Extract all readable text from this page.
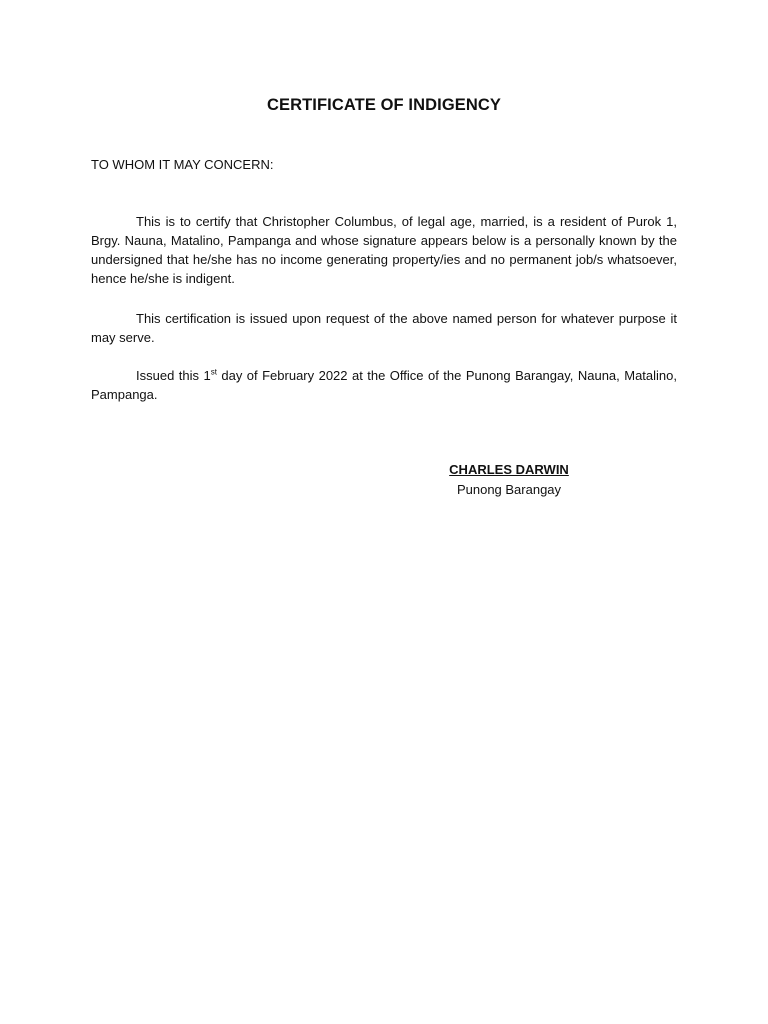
CERTIFICATE OF INDIGENCY
TO WHOM IT MAY CONCERN:

This is to certify that Christopher Columbus, of legal age, married, is a resident of Purok 1, Brgy. Nauna, Matalino, Pampanga and whose signature appears below is a personally known by the undersigned that he/she has no income generating property/ies and no permanent job/s whatsoever, hence he/she is indigent.

This certification is issued upon request of the above named person for whatever purpose it may serve.

Issued this 1st day of February 2022 at the Office of the Punong Barangay, Nauna, Matalino, Pampanga.

CHARLES DARWIN
Punong Barangay
